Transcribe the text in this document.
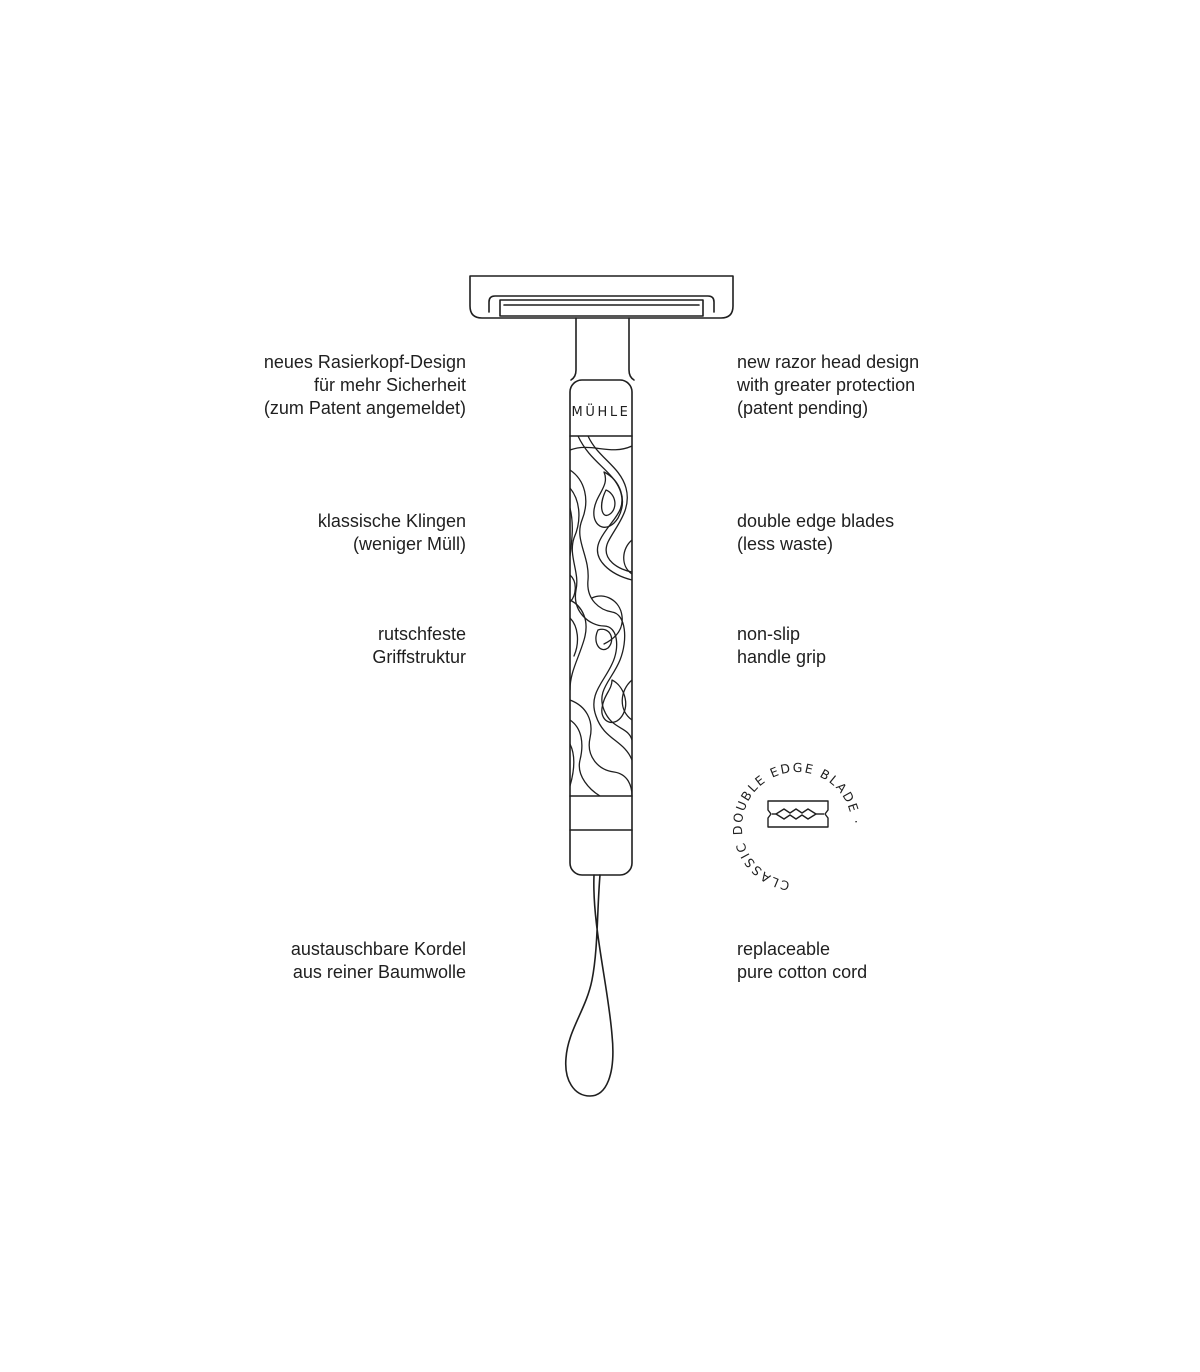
MÜHLE
CLASSIC DOUBLE EDGE BLADE ·
neues Rasierkopf-Design
für mehr Sicherheit
(zum Patent angemeldet)
klassische Klingen
(weniger Müll)
rutschfeste
Griffstruktur
austauschbare Kordel
aus reiner Baumwolle
new razor head design
with greater protection
(patent pending)
double edge blades
(less waste)
non-slip
handle grip
replaceable
pure cotton cord
